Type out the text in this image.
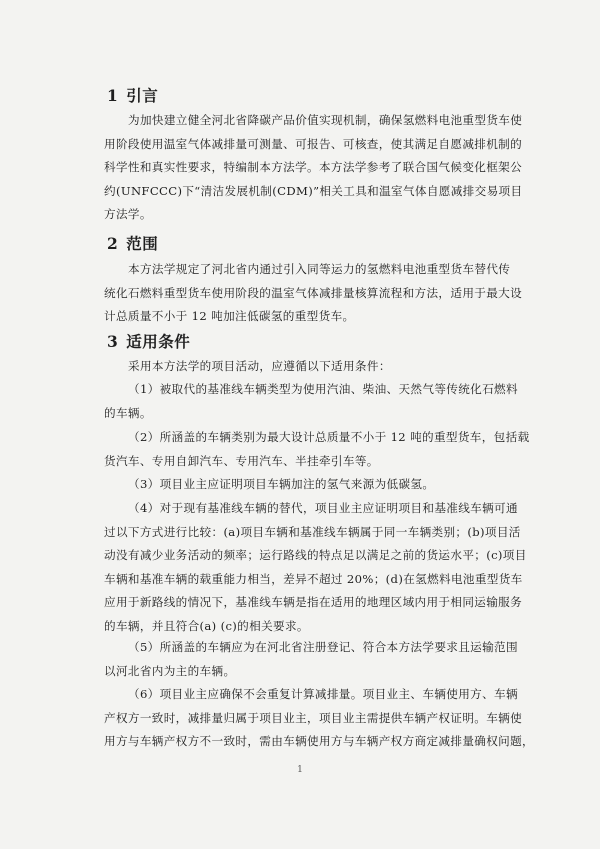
1 引言
为加快建立健全河北省降碳产品价值实现机制，确保氢燃料电池重型货车使
用阶段使用温室气体减排量可测量、可报告、可核查，使其满足自愿减排机制的
科学性和真实性要求，特编制本方法学。本方法学参考了联合国气候变化框架公
约(UNFCCC)下“清洁发展机制(CDM)”相关工具和温室气体自愿减排交易项目
方法学。
2 范围
本方法学规定了河北省内通过引入同等运力的氢燃料电池重型货车替代传
统化石燃料重型货车使用阶段的温室气体减排量核算流程和方法，适用于最大设
计总质量不小于 12 吨加注低碳氢的重型货车。
3 适用条件
采用本方法学的项目活动，应遵循以下适用条件：
（1）被取代的基准线车辆类型为使用汽油、柴油、天然气等传统化石燃料
的车辆。
（2）所涵盖的车辆类别为最大设计总质量不小于 12 吨的重型货车，包括载
货汽车、专用自卸汽车、专用汽车、半挂牵引车等。
（3）项目业主应证明项目车辆加注的氢气来源为低碳氢。
（4）对于现有基准线车辆的替代，项目业主应证明项目和基准线车辆可通
过以下方式进行比较：(a)项目车辆和基准线车辆属于同一车辆类别；(b)项目活
动没有减少业务活动的频率；运行路线的特点足以满足之前的货运水平；(c)项目
车辆和基准车辆的载重能力相当，差异不超过 20%；(d)在氢燃料电池重型货车
应用于新路线的情况下，基准线车辆是指在适用的地理区域内用于相同运输服务
的车辆，并且符合(a) (c)的相关要求。
（5）所涵盖的车辆应为在河北省注册登记、符合本方法学要求且运输范围
以河北省内为主的车辆。
（6）项目业主应确保不会重复计算减排量。项目业主、车辆使用方、车辆
产权方一致时，减排量归属于项目业主，项目业主需提供车辆产权证明。车辆使
用方与车辆产权方不一致时，需由车辆使用方与车辆产权方商定减排量确权问题，
1
